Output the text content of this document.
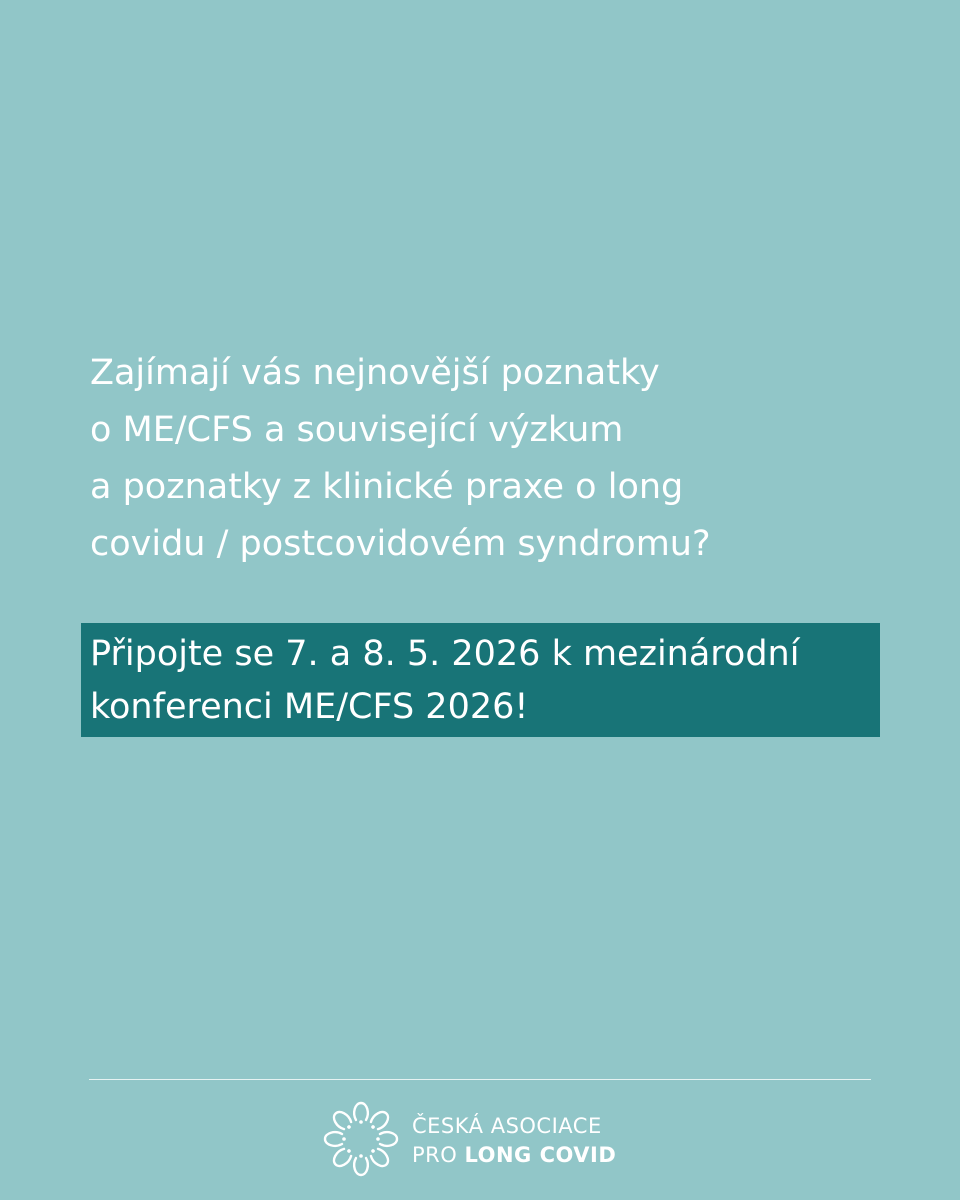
Zajímají vás nejnovější poznatky
o ME/CFS a související výzkum
a poznatky z klinické praxe o long
covidu / postcovidovém syndromu?
Připojte se 7. a 8. 5. 2026 k mezinárodní
konferenci ME/CFS 2026!
ČESKÁ ASOCIACE
PRO LONG COVID
